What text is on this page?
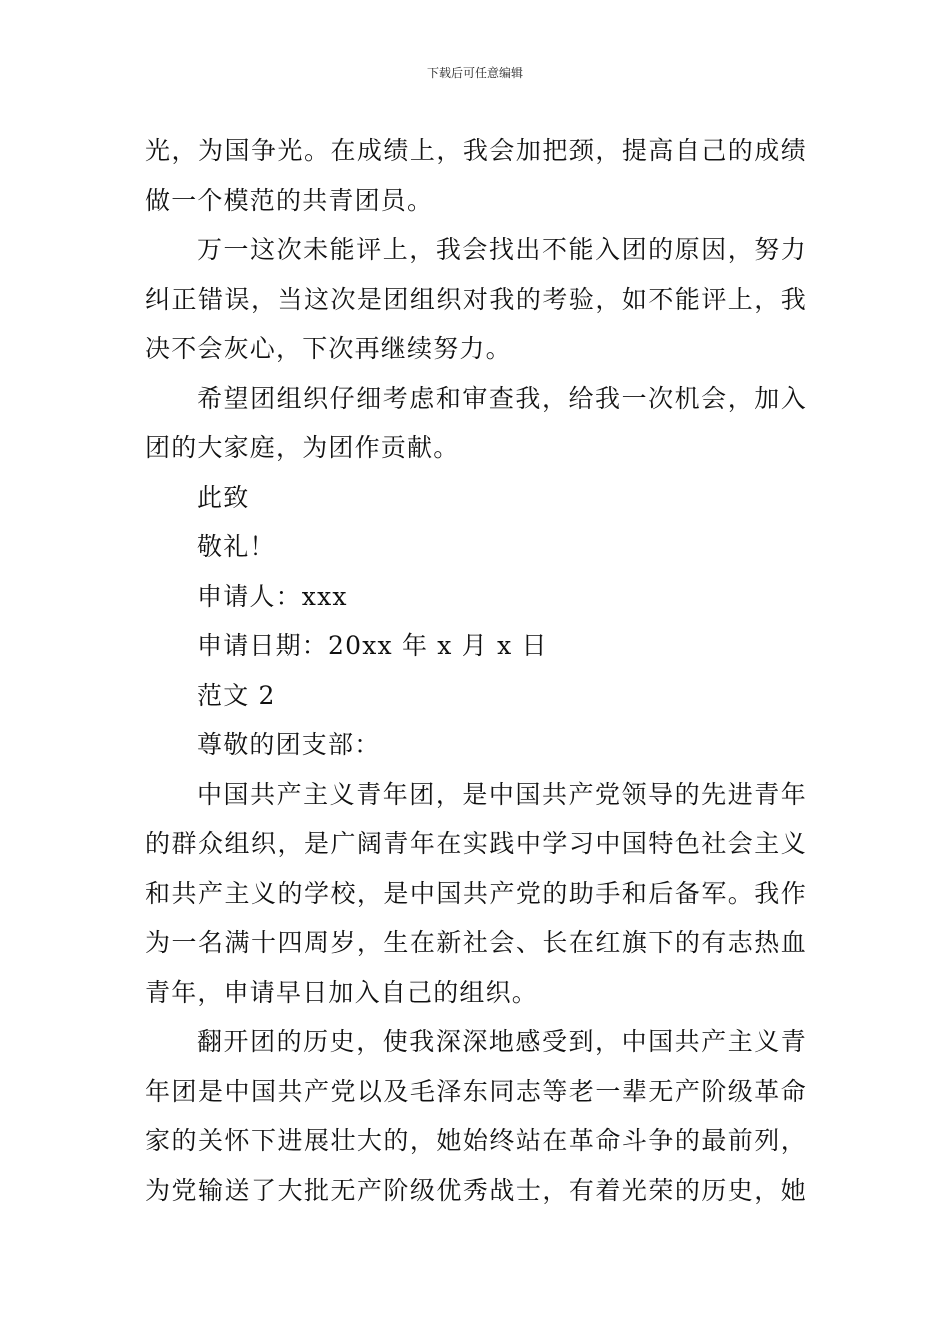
下载后可任意编辑
光，为国争光。在成绩上，我会加把颈，提高自己的成绩
做一个模范的共青团员。
万一这次未能评上，我会找出不能入团的原因，努力
纠正错误，当这次是团组织对我的考验，如不能评上，我
决不会灰心，下次再继续努力。
希望团组织仔细考虑和审查我，给我一次机会，加入
团的大家庭，为团作贡献。
此致
敬礼！
申请人：xxx
申请日期：20xx 年 x 月 x 日
范文 2
尊敬的团支部：
中国共产主义青年团，是中国共产党领导的先进青年
的群众组织，是广阔青年在实践中学习中国特色社会主义
和共产主义的学校，是中国共产党的助手和后备军。我作
为一名满十四周岁，生在新社会、长在红旗下的有志热血
青年，申请早日加入自己的组织。
翻开团的历史，使我深深地感受到，中国共产主义青
年团是中国共产党以及毛泽东同志等老一辈无产阶级革命
家的关怀下进展壮大的，她始终站在革命斗争的最前列，
为党输送了大批无产阶级优秀战士，有着光荣的历史，她
